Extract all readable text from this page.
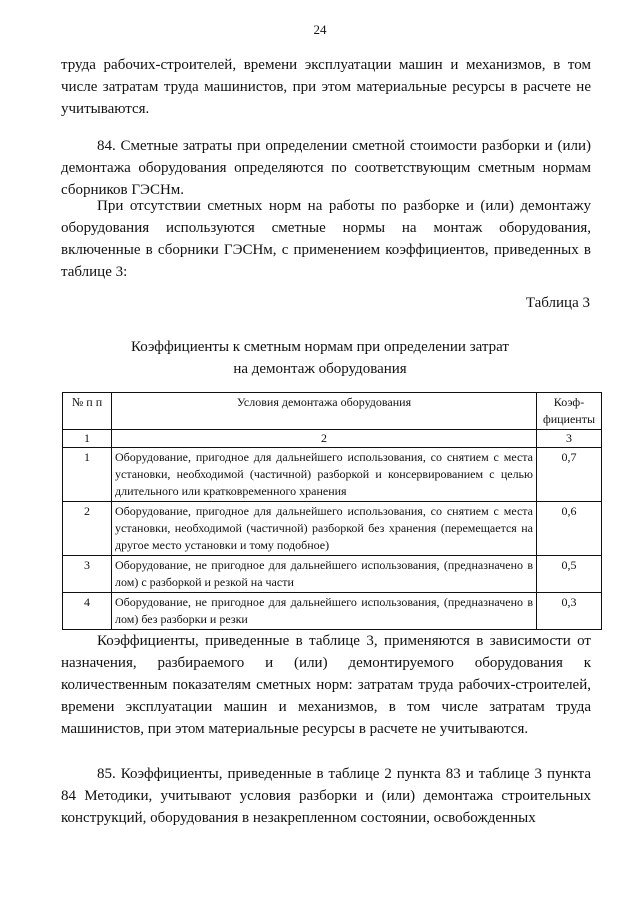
24
труда рабочих-строителей, времени эксплуатации машин и механизмов, в том числе затратам труда машинистов, при этом материальные ресурсы в расчете не учитываются.
84. Сметные затраты при определении сметной стоимости разборки и (или) демонтажа оборудования определяются по соответствующим сметным нормам сборников ГЭСНм.
При отсутствии сметных норм на работы по разборке и (или) демонтажу оборудования используются сметные нормы на монтаж оборудования, включенные в сборники ГЭСНм, с применением коэффициентов, приведенных в таблице 3:
Таблица 3
Коэффициенты к сметным нормам при определении затрат
на демонтаж оборудования
№ п п	Условия демонтажа оборудования	Коэф-фициенты
1	2	3
1	Оборудование, пригодное для дальнейшего использования, со снятием с места установки, необходимой (частичной) разборкой и консервированием с целью длительного или кратковременного хранения	0,7
2	Оборудование, пригодное для дальнейшего использования, со снятием с места установки, необходимой (частичной) разборкой без хранения (перемещается на другое место установки и тому подобное)	0,6
3	Оборудование, не пригодное для дальнейшего использования, (предназначено в лом) с разборкой и резкой на части	0,5
4	Оборудование, не пригодное для дальнейшего использования, (предназначено в лом) без разборки и резки	0,3
Коэффициенты, приведенные в таблице 3, применяются в зависимости от назначения, разбираемого и (или) демонтируемого оборудования к количественным показателям сметных норм: затратам труда рабочих-строителей, времени эксплуатации машин и механизмов, в том числе затратам труда машинистов, при этом материальные ресурсы в расчете не учитываются.
85. Коэффициенты, приведенные в таблице 2 пункта 83 и таблице 3 пункта 84 Методики, учитывают условия разборки и (или) демонтажа строительных конструкций, оборудования в незакрепленном состоянии, освобожденных
